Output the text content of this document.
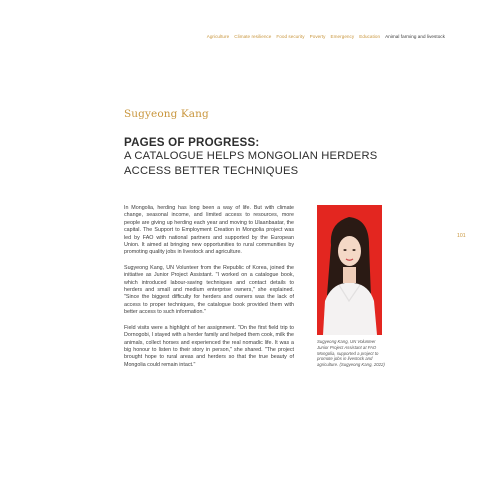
Agriculture Climate resilience Food security Poverty Emergency Education Animal farming and livestock
Sugyeong Kang
PAGES OF PROGRESS:
A CATALOGUE HELPS MONGOLIAN HERDERS
ACCESS BETTER TECHNIQUES

In Mongolia, herding has long been a way of life. But with climate change, seasonal income, and limited access to resources, more people are giving up herding each year and moving to Ulaanbaatar, the capital. The Support to Employment Creation in Mongolia project was led by FAO with national partners and supported by the European Union. It aimed at bringing new opportunities to rural communities by promoting quality jobs in livestock and agriculture.

Sugyeong Kang, UN Volunteer from the Republic of Korea, joined the initiative as Junior Project Assistant. "I worked on a catalogue book, which introduced labour-saving techniques and contact details to herders and small and medium enterprise owners," she explained. "Since the biggest difficulty for herders and owners was the lack of access to proper techniques, the catalogue book provided them with better access to such information."

Field visits were a highlight of her assignment. "On the first field trip to Dornogobi, I stayed with a herder family and helped them cook, milk the animals, collect horses and experienced the real nomadic life. It was a big honour to listen to their story in person," she shared. "The project brought hope to rural areas and herders so that the true beauty of Mongolia could remain intact."

Sugyeong Kang, UN Volunteer Junior Project Assistant at FAO Mongolia, supported a project to promote jobs in livestock and agriculture. (Sugyeong Kang, 2022)
101
